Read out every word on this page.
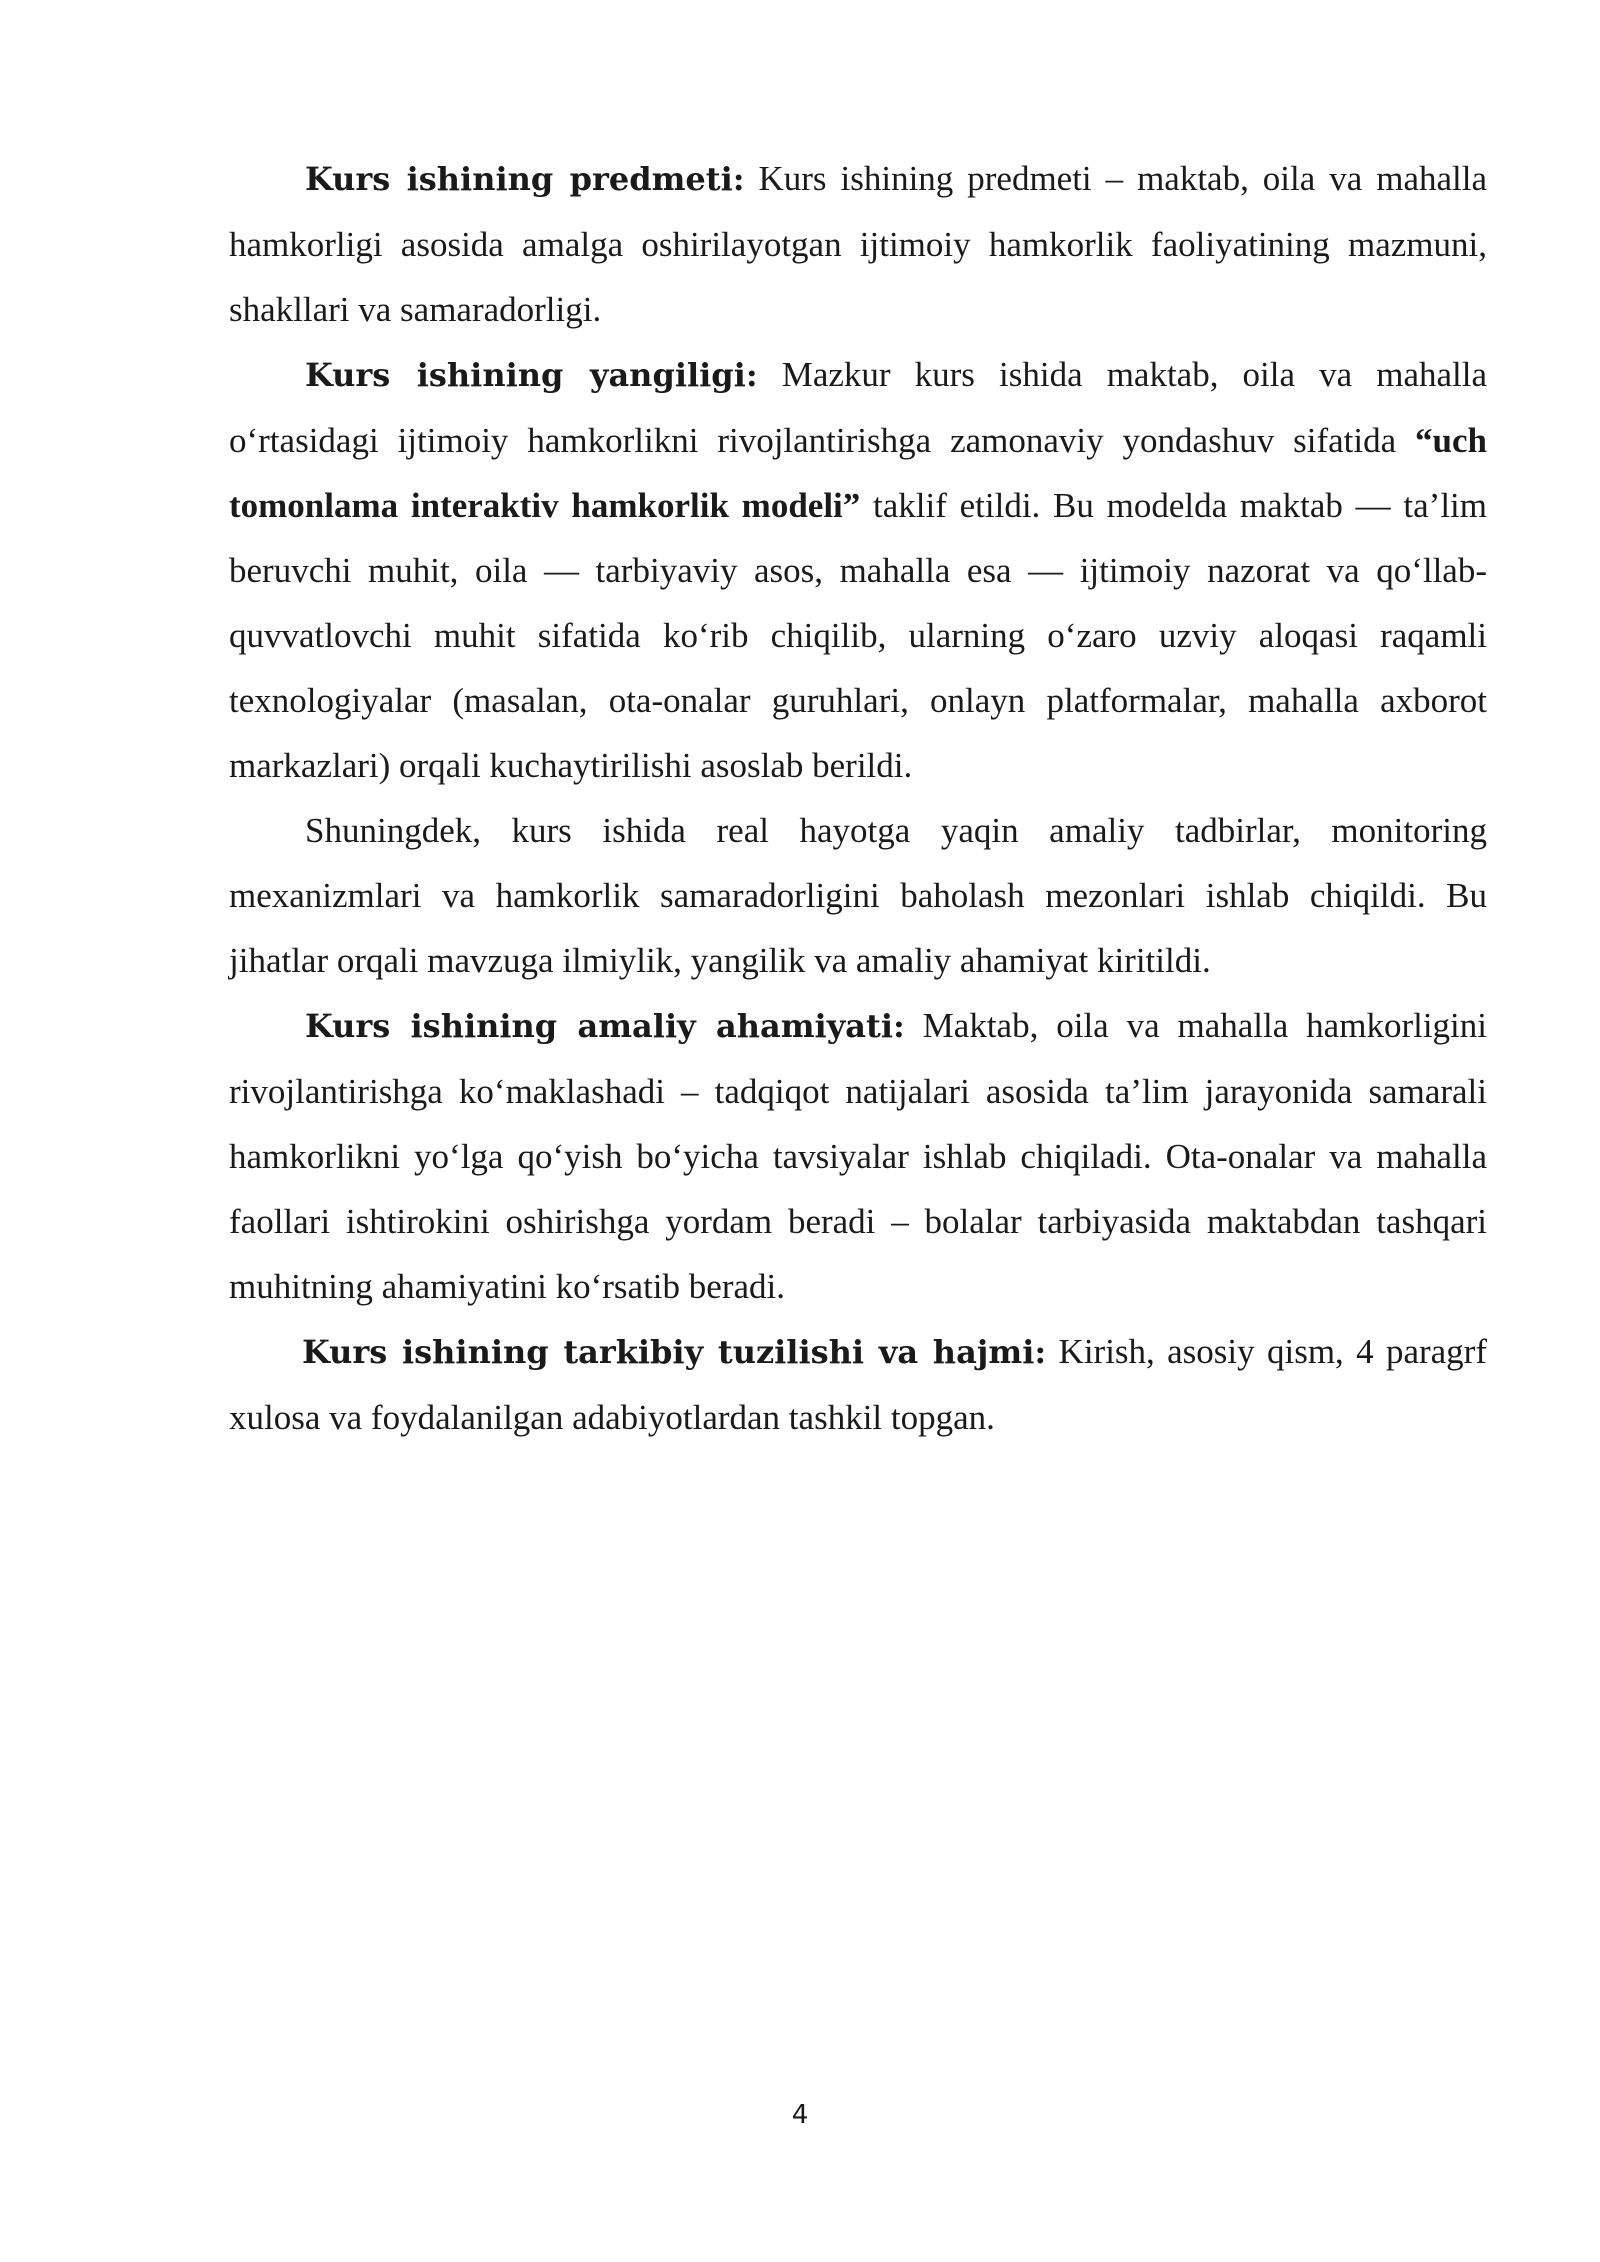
Kurs ishining predmeti: Kurs ishining predmeti – maktab, oila va mahalla hamkorligi asosida amalga oshirilayotgan ijtimoiy hamkorlik faoliyatining mazmuni, shakllari va samaradorligi.

Kurs ishining yangiligi: Mazkur kurs ishida maktab, oila va mahalla oʻrtasidagi ijtimoiy hamkorlikni rivojlantirishga zamonaviy yondashuv sifatida “uch tomonlama interaktiv hamkorlik modeli” taklif etildi. Bu modelda maktab — ta’lim beruvchi muhit, oila — tarbiyaviy asos, mahalla esa — ijtimoiy nazorat va qoʻllab-quvvatlovchi muhit sifatida koʻrib chiqilib, ularning oʻzaro uzviy aloqasi raqamli texnologiyalar (masalan, ota-onalar guruhlari, onlayn platformalar, mahalla axborot markazlari) orqali kuchaytirilishi asoslab berildi.

Shuningdek, kurs ishida real hayotga yaqin amaliy tadbirlar, monitoring mexanizmlari va hamkorlik samaradorligini baholash mezonlari ishlab chiqildi. Bu jihatlar orqali mavzuga ilmiylik, yangilik va amaliy ahamiyat kiritildi.

Kurs ishining amaliy ahamiyati: Maktab, oila va mahalla hamkorligini rivojlantirishga koʻmaklashadi – tadqiqot natijalari asosida ta’lim jarayonida samarali hamkorlikni yoʻlga qoʻyish boʻyicha tavsiyalar ishlab chiqiladi. Ota-onalar va mahalla faollari ishtirokini oshirishga yordam beradi – bolalar tarbiyasida maktabdan tashqari muhitning ahamiyatini koʻrsatib beradi.

Kurs ishining tarkibiy tuzilishi va hajmi: Kirish, asosiy qism, 4 paragrf xulosa va foydalanilgan adabiyotlardan tashkil topgan.

4
